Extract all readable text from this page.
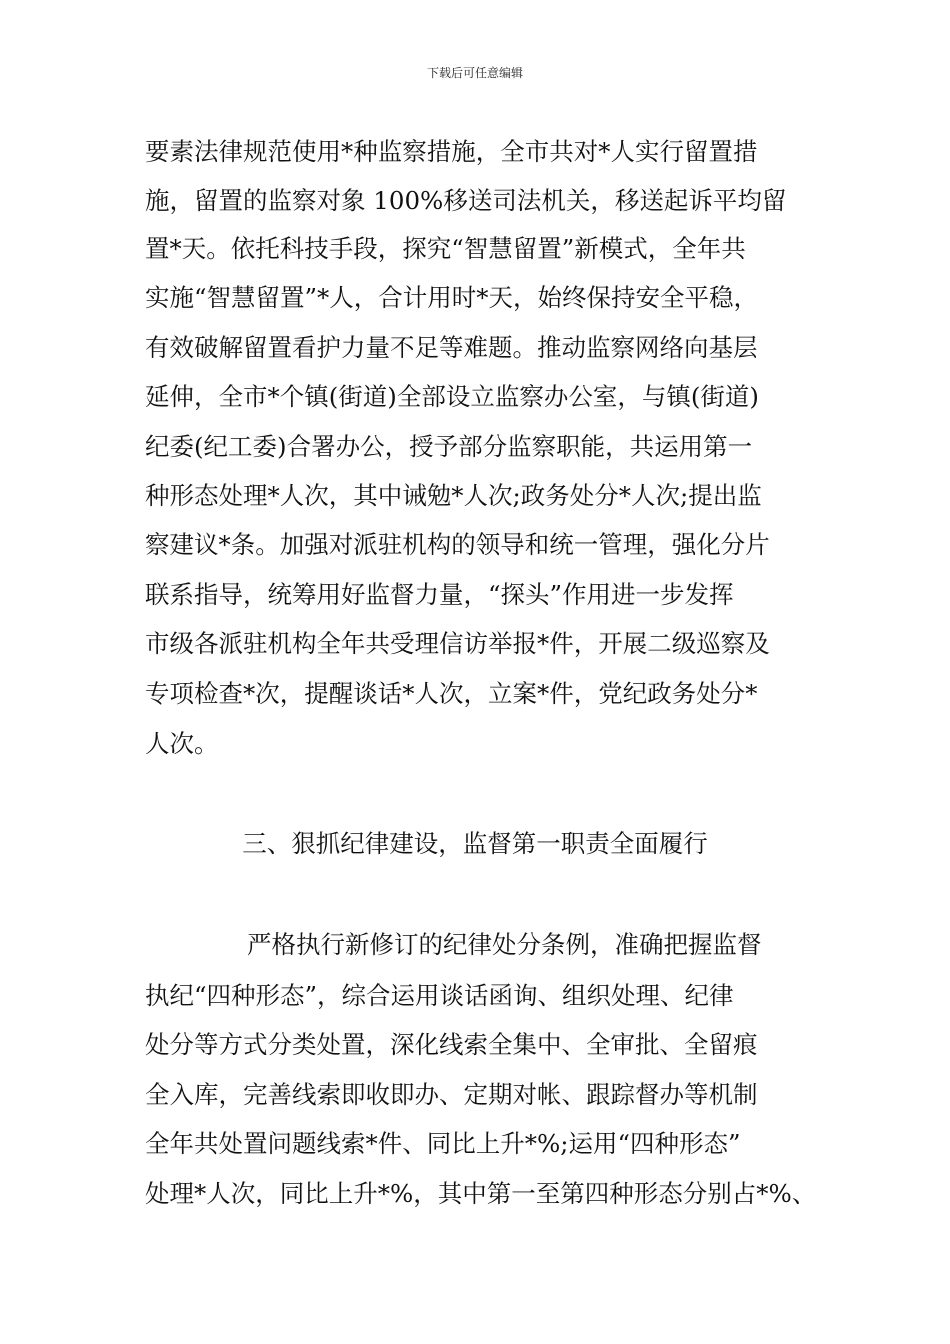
下载后可任意编辑
要素法律规范使用*种监察措施，全市共对*人实行留置措
施，留置的监察对象 100%移送司法机关，移送起诉平均留
置*天。依托科技手段，探究“智慧留置”新模式，全年共
实施“智慧留置”*人，合计用时*天，始终保持安全平稳，
有效破解留置看护力量不足等难题。推动监察网络向基层
延伸，全市*个镇(街道)全部设立监察办公室，与镇(街道)
纪委(纪工委)合署办公，授予部分监察职能，共运用第一
种形态处理*人次，其中诫勉*人次;政务处分*人次;提出监
察建议*条。加强对派驻机构的领导和统一管理，强化分片
联系指导，统筹用好监督力量，“探头”作用进一步发挥
市级各派驻机构全年共受理信访举报*件，开展二级巡察及
专项检查*次，提醒谈话*人次，立案*件，党纪政务处分*
人次。
三、狠抓纪律建设，监督第一职责全面履行
严格执行新修订的纪律处分条例，准确把握监督
执纪“四种形态”，综合运用谈话函询、组织处理、纪律
处分等方式分类处置，深化线索全集中、全审批、全留痕
全入库，完善线索即收即办、定期对帐、跟踪督办等机制
全年共处置问题线索*件、同比上升*%;运用“四种形态”
处理*人次，同比上升*%，其中第一至第四种形态分别占*%、
